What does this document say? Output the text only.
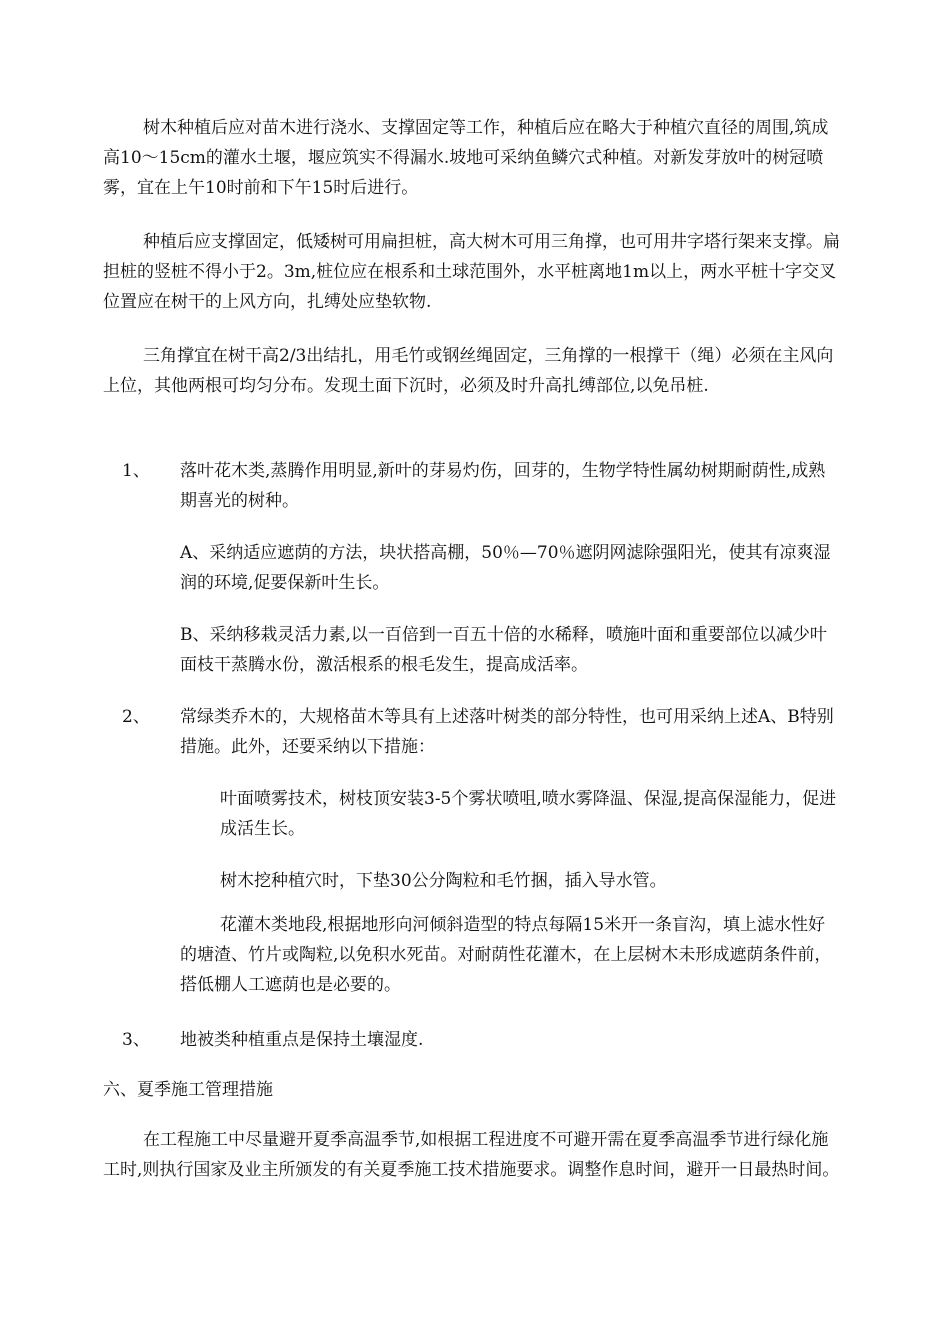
树木种植后应对苗木进行浇水、支撑固定等工作，种植后应在略大于种植穴直径的周围,筑成高10～15cm的灌水土堰，堰应筑实不得漏水.坡地可采纳鱼鳞穴式种植。对新发芽放叶的树冠喷雾，宜在上午10时前和下午15时后进行。

种植后应支撑固定，低矮树可用扁担桩，高大树木可用三角撑，也可用井字塔行架来支撑。扁担桩的竖桩不得小于2。3m,桩位应在根系和土球范围外，水平桩离地1m以上，两水平桩十字交叉位置应在树干的上风方向，扎缚处应垫软物.

三角撑宜在树干高2/3出结扎，用毛竹或钢丝绳固定，三角撑的一根撑干（绳）必须在主风向上位，其他两根可均匀分布。发现土面下沉时，必须及时升高扎缚部位,以免吊桩.

1、 落叶花木类,蒸腾作用明显,新叶的芽易灼伤，回芽的，生物学特性属幼树期耐荫性,成熟期喜光的树种。

A、采纳适应遮荫的方法，块状搭高棚，50％—70％遮阴网滤除强阳光，使其有凉爽湿润的环境,促要保新叶生长。

B、采纳移栽灵活力素,以一百倍到一百五十倍的水稀释，喷施叶面和重要部位以减少叶面枝干蒸腾水份，激活根系的根毛发生，提高成活率。

2、 常绿类乔木的，大规格苗木等具有上述落叶树类的部分特性，也可用采纳上述A、B特别措施。此外，还要采纳以下措施：

叶面喷雾技术，树枝顶安装3-5个雾状喷咀,喷水雾降温、保湿,提高保湿能力，促进成活生长。

树木挖种植穴时，下垫30公分陶粒和毛竹捆，插入导水管。

花灌木类地段,根据地形向河倾斜造型的特点每隔15米开一条盲沟，填上滤水性好的塘渣、竹片或陶粒,以免积水死苗。对耐荫性花灌木，在上层树木未形成遮荫条件前，搭低棚人工遮荫也是必要的。

3、 地被类种植重点是保持土壤湿度.

六、夏季施工管理措施

在工程施工中尽量避开夏季高温季节,如根据工程进度不可避开需在夏季高温季节进行绿化施工时,则执行国家及业主所颁发的有关夏季施工技术措施要求。调整作息时间，避开一日最热时间。
